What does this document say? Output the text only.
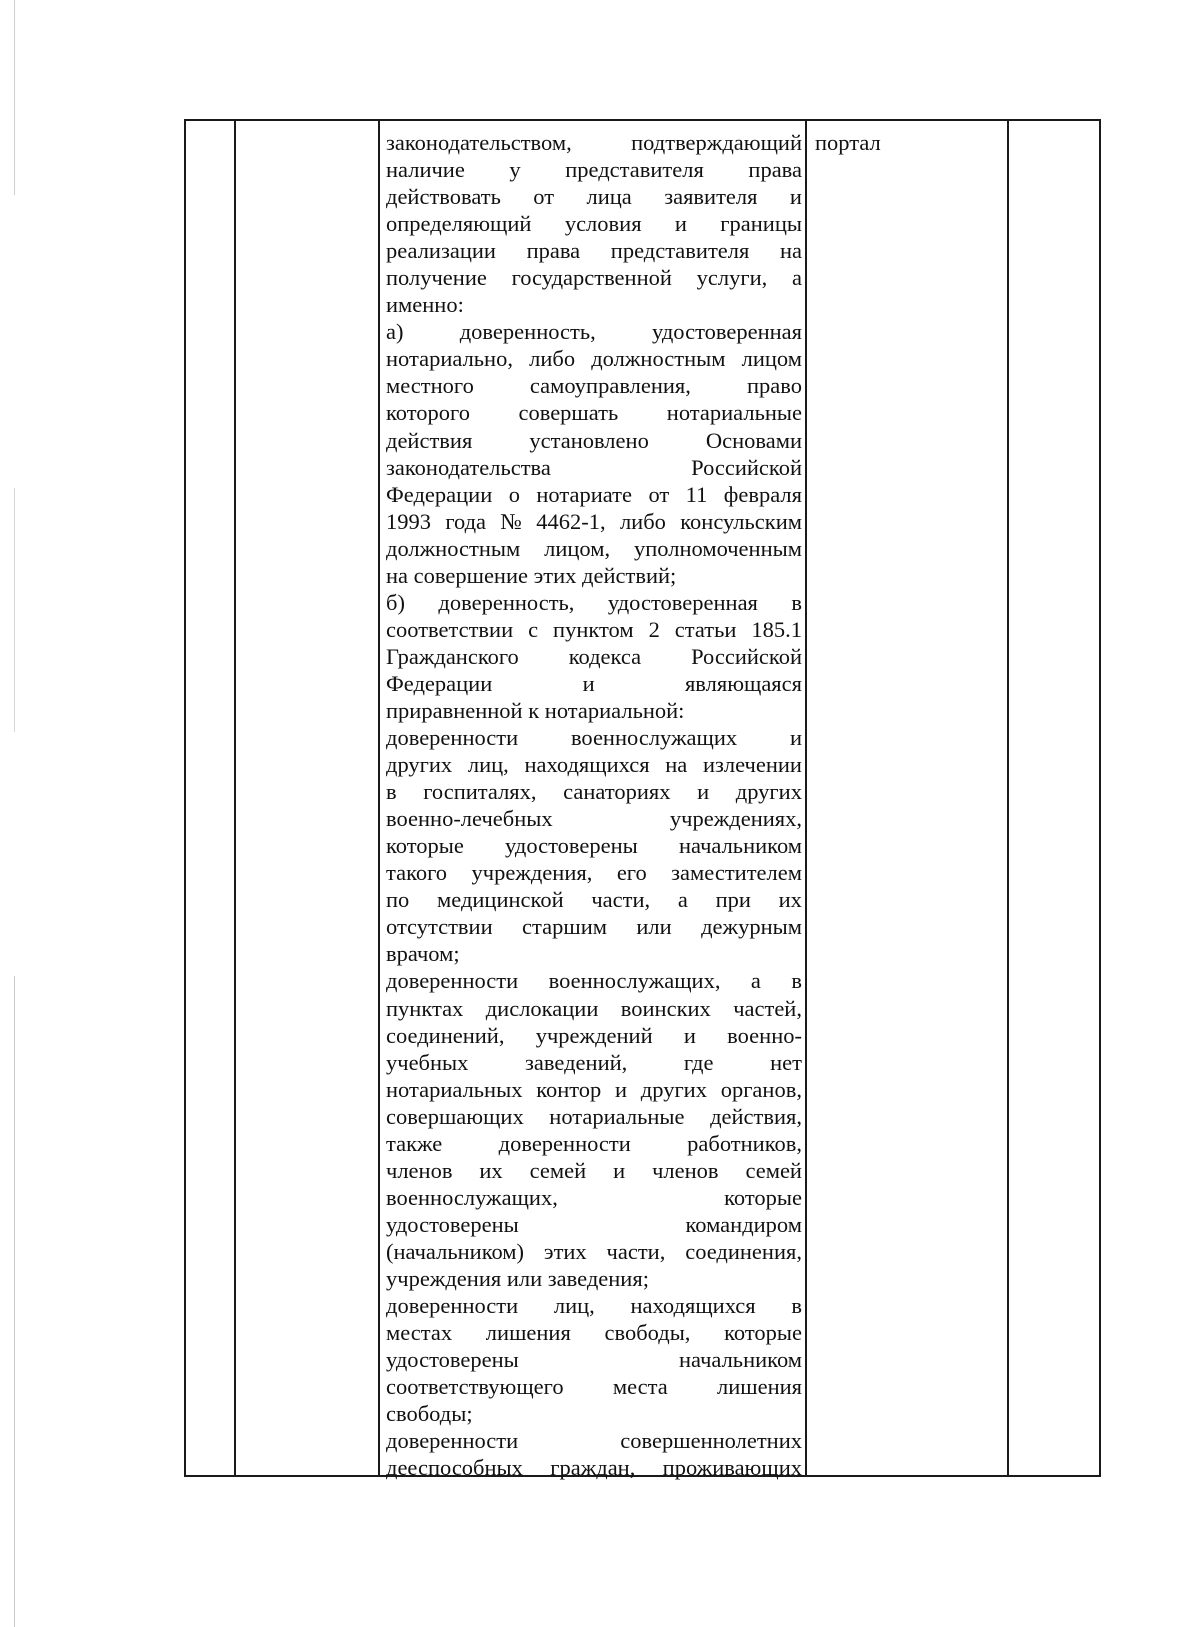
законодательством,	подтверждающий
наличие у представителя права
действовать от лица заявителя и
определяющий условия и границы
реализации права представителя на
получение государственной услуги, а
именно:
а)	доверенность,	удостоверенная
нотариально, либо должностным лицом
местного самоуправления, право
которого совершать нотариальные
действия	установлено	Основами
законодательства	Российской
Федерации о нотариате от 11 февраля
1993 года № 4462-1, либо консульским
должностным лицом, уполномоченным
на совершение этих действий;
б) доверенность, удостоверенная в
соответствии с пунктом 2 статьи 185.1
Гражданского кодекса Российской
Федерации	и	являющаяся
приравненной к нотариальной:
доверенности военнослужащих и
других лиц, находящихся на излечении
в госпиталях, санаториях и других
военно-лечебных	учреждениях,
которые удостоверены начальником
такого учреждения, его заместителем
по медицинской части, а при их
отсутствии старшим или дежурным
врачом;
доверенности военнослужащих, а в
пунктах дислокации воинских частей,
соединений, учреждений и военно-
учебных	заведений,	где	нет
нотариальных контор и других органов,
совершающих нотариальные действия,
также	доверенности	работников,
членов их семей и членов семей
военнослужащих,	которые
удостоверены	командиром
(начальником) этих части, соединения,
учреждения или заведения;
доверенности лиц, находящихся в
местах лишения свободы, которые
удостоверены	начальником
соответствующего места лишения
свободы;
доверенности	совершеннолетних
дееспособных граждан, проживающих
портал
